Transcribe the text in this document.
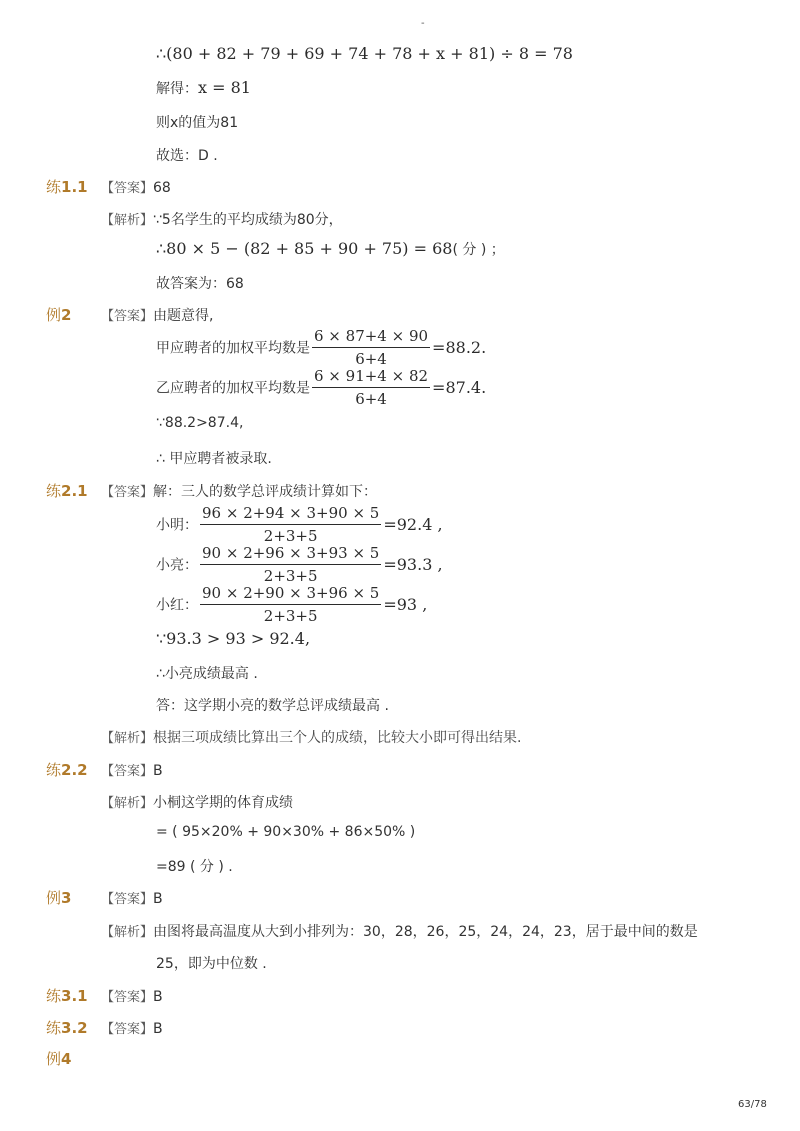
-
∴(80 + 82 + 79 + 69 + 74 + 78 + x + 81) ÷ 8 = 78
解得：x = 81
则x的值为81
故选：D .
练1.1 【答案】68
【解析】∵5名学生的平均成绩为80分，
∴80 × 5 − (82 + 85 + 90 + 75) = 68( 分 ) ；
故答案为：68
例2 【答案】由题意得,
甲应聘者的加权平均数是 $\frac{6 \times 87+4 \times 90}{6+4} =88.2$.
乙应聘者的加权平均数是 $\frac{6 \times 91+4 \times 82}{6+4} =87.4$.
∵88.2>87.4,
∴ 甲应聘者被录取.
练2.1 【答案】解：三人的数学总评成绩计算如下：
小明： $\frac{96 \times 2+94 \times 3+90 \times 5}{2+3+5} =92.4$ ,
小亮： $\frac{90 \times 2+96 \times 3+93 \times 5}{2+3+5} =93.3$ ,
小红： $\frac{90 \times 2+90 \times 3+96 \times 5}{2+3+5} =93$ ,
∵93.3 > 93 > 92.4,
∴小亮成绩最高 .
答：这学期小亮的数学总评成绩最高 .
【解析】根据三项成绩比算出三个人的成绩，比较大小即可得出结果.
练2.2 【答案】B
【解析】小桐这学期的体育成绩
= ( 95×20% + 90×30% + 86×50% )
=89 ( 分 ) .
例3 【答案】B
【解析】由图将最高温度从大到小排列为：30，28，26，25，24，24，23，居于最中间的数是
25，即为中位数 .
练3.1 【答案】B
练3.2 【答案】B
例4
63/78
